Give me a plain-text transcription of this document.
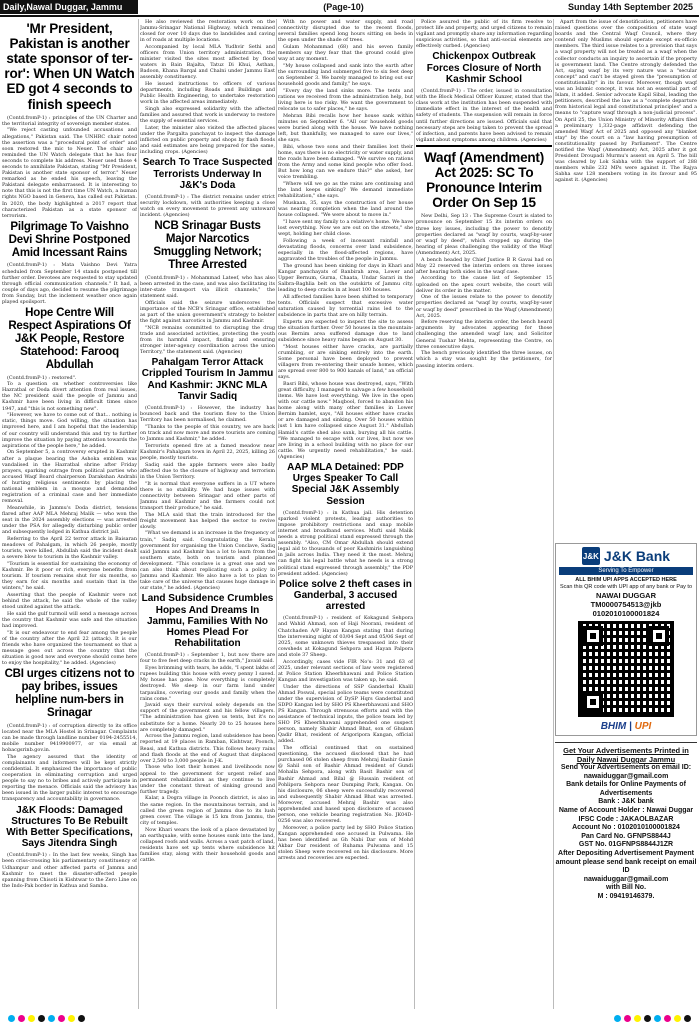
Daily,Nawal Duggar, Jammu	(Page-10)	Sunday 14th September 2025
'Mr President, Pakistan is another state sponsor of ter-ror': When UN Watch ED got 4 seconds to finish speech

(Contd.fromP-1) : principles of the UN Charter and the territorial integrity of sovereign member states.

"We reject casting unfounded accusations and allegations," Pakistan said. The UNHRC chair noted the assertion was a "procedural point of order" and soon restored the mic to Neuer. The chair also reminded the UN Watch delegate that he has four seconds to complete his address. Neuer used those 4 seconds to annihilate Pakistan, stating "Mr President, Pakistan is another state sponsor of terror." Neuer remarked as he ended his speech, leaving the Pakistani delegate embarrassed. It is interesting to note that this is not the first time UN Watch, a human rights NGO based in Geneva, has called out Pakistan. In 2020, the body highlighted a 2017 report that characterized Pakistan as a state sponsor of terrorism.

Pilgrimage To Vaishno Devi Shrine Postponed Amid Incessant Rains

(Contd.fromP-1) : Mata Vaishno Devi Yatra scheduled from September 14 stands postponed till further order. Devotees are requested to stay updated through official communication channels." It had, a couple of days ago, decided to resume the pilgrimage from Sunday, but the inclement weather once again played spoilsport.

Hope Centre Will Respect Aspirations Of J&K People, Restore Statehood: Farooq Abdullah

(Contd.fromP-1) : restored".

To a question on whether controversies like Hazratbal or Doda divert attention from real issues, the NC president said the people of Jammu and Kashmir have been living in difficult times since 1947, and "this is not something new".

"However, we have to come out of that... nothing is static, things move. God willing, the situation has improved here, and I am hopeful that the leadership of our country will understand this and try to further improve the situation by paying attention towards the aspirations of the people here," he added.

On September 5, a controversy erupted in Kashmir after a plaque bearing the Ashoka emblem was vandalised in the Hazratbal shrine after Friday prayers, sparking outrage from political parties who accused Waqf Board chairperson Darakshan Andrabi of hurting religious sentiments by placing the national emblem in a mosque and demanded registration of a criminal case and her immediate removal.

Meanwhile, in Jammu's Doda district, tensions flared after AAP MLA Mehraj Malik — who won the seat in the 2024 assembly elections — was arrested under the PSA for allegedly disturbing public order and subsequently lodged in Kathua district jail.

Referring to the April 22 terror attack in Baisaran meadows of Pahalgam, in which 26 people, mostly tourists, were killed, Abdullah said the incident dealt a severe blow to tourism in the Kashmir valley.

"Tourism is essential for sustaining the economy of Kashmir. Be it poor or rich, everyone benefits from tourism. If tourism remains shut for six months, so they earn for six months and sustain that in the winters," he said.

Asserting that the people of Kashmir were not behind the attack, he said the whole of the valley stood united against the attack.

He said the gulf turmoil will send a message across the country that Kashmir was safe and the situation had improved.

"It is our endeavour to end fear among the people of the country after the April 22 (attack). It is our friends who have organized the tournament so that a message goes out across the country that the situation is good now and everyone should come here to enjoy the hospitality," he added. (Agencies)

CBI urges citizens not to pay bribes, issues helpline num-bers in Srinagar

(Contd.fromP-1) : of corruption directly to its office located near the MLA Hostel in Srinagar. Complaints can be made through landline number 0194-2455514, mobile number 9419900977, or via email at hobacgsrinb.gov.in.

The agency assured that the identity of complainants and informers will be kept strictly confidential. It emphasized the importance of public cooperation in eliminating corruption and urged people to say no to bribes and actively participate in reporting the menace. Officials said the advisory has been issued in the larger public interest to encourage transparency and accountability in governance.

J&K Floods: Damaged Structures To Be Rebuilt With Better Specifications, Says Jitendra Singh

(Contd.fromP-1) : In the last few weeks, Singh has been criss-crossing his parliamentary constituency of Udhampur and other affected parts of Jammu and Kashmir to meet the disaster-affected people spanning from Chisoti in Kishtwar to the Zero Line on the Indo-Pak border in Kathua and Samba.

He also reviewed the restoration work on the Jammu-Srinagar National Highway, which remained closed for over 10 days due to landslides and caving in of roads at multiple locations.

Accompanied by local MLA Yudhvir Sethi and officers from Union territory administration, the minister visited the sites most affected by flood waters in Bain Bajalta, Tatuz Di Khui, Asthan, Badoon, Khana Barqal and Chalni under Jammu East assembly constituency.

He issued instructions to officers of various departments, including Roads and Buildings and Public Health Engineering, to undertake restoration work in the affected areas immediately.

Singh also expressed solidarity with the affected families and assured that work is underway to restore the supply of essential services.

Later, the minister also visited the affected places under the Pargalta panchayat to inspect the damage inflicted on public property and shops by flash floods and said estimates are being prepared for the same, including crops. (Agencies)

Search To Trace Suspected Terrorists Underway In J&K's Doda

(Contd.fromP-1) : The district remains under strict security lockdown, with authorities keeping a close watch on every movement to prevent any untoward incident. (Agencies)

NCB Srinagar Busts Major Narcotics Smuggling Network; Three Arrested

(Contd.fromP-1) : Mohammad Lateef, who has also been arrested in the case, and was also facilitating its inter-state transport via illicit channels," the statement said.

Officials said the seizure underscores the importance of the NCB's Srinagar office, established as part of the union government's strategy to bolster the fight against narcotics in Jammu and Kashmir.

"NCB remains committed to disrupting the drug trade and associated activities, protecting the youth from its harmful impact, finding and ensuring stronger inter-agency coordination across the union Territory," the statement said. (Agencies)

Pahalgam Terror Attack Crippled Tourism In Jammu And Kashmir: JKNC MLA Tanvir Sadiq

(Contd.fromP-1) : However, the industry has bounced back and the tourism flow to the Union Territory has been normalised, he claimed.

"Thanks to the people of this country, we are back on track and now more and more tourists are coming to Jammu and Kashmir," he added.

Terrorists opened fire at a famed meadow near Kashmir's Pahalgam town in April 22, 2025, killing 26 people, mostly tourists.

Sadiq said the apple farmers were also badly affected due to the closure of highway and terrorism in the Union Territory.

"It is normal that everyone suffers in a UT where there is no stability. We had huge issues with connectivity between Srinagar and other parts of Jammu and Kashmir and the farmers could not transport their produce," he said.

The MLA said that the train introduced for the freight movement has helped the sector to revive slowly.

"What we demand is an increase in the frequency of train," Sadiq said. Congratulating the Kerala government for organising the Union Conclave, Sadiq said Jammu and Kashmir has a lot to learn from the southern state, both on tourism and planned development. "This conclave is a great one and we can also think about replicating such a policy in Jammu and Kashmir. We also have a lot to plan to take care of the universe that causes huge damage in our state," he added. (Agencies)

Land Subsidence Crumbles Hopes And Dreams In Jammu, Families With No Homes Plead For Rehabilitation

(Contd.fromP-1) : September 1, but now there are four to five feet deep cracks in the earth," Javaid said.

Eyes brimming with tears, he adds, "I spent lakhs of rupees building this house with every penny I saved. My house has gone. Now everything is completely destroyed. We sleep in our farm land under tarpaulins, covering our goods and family when the rains come."

Javaid says their survival solely depends on the support of the government and his fellow villagers. "The administration has given us tents, but it's no substitute for a home. Nearly 20 to 25 houses here are completely damaged."

Across the Jammu region, land subsidence has been reported at 19 places in Ramban, Kishtwar, Poonch, Reasi, and Kathua districts. This follows heavy rains and flash floods at the end of August that displaced over 2,500 to 3,000 people in J-K.

Those who lost their homes and livelihoods now appeal to the government for urgent relief and permanent rehabilitation as they continue to live under the constant threat of sinking ground and further tragedy.

Kalar, a Dogra village in Poonch district, is also in the same region. In the mountainous terrain, and is called the green region of Jammu due to its lush green cover. The village is 15 km from Jammu, the city of temples.

Now Khari wears the look of a place devastated by an earthquake, with some houses sunk into the land, collapsed roofs and walls. Across a vast patch of land, residents have set up tents where subsidence hit families stay, along with their household goods and cattle.

With no power and water supply, and road connectivity disrupted due to the recent floods, several families spend long hours sitting on beds in the open under the shade of trees.

Gulam Mohammad (68) and his seven family members say they fear that the ground could give way at any moment.

"My house collapsed and sank into the earth after the surrounding land submerged five to six feet deep on September 3. We barely managed to bring out our household goods and family," he says.

"Every day the land sinks more. The tents and rations we received from the administration help, but living here is too risky. We want the government to relocate us to safer places," he says.

Mehran Bibi recalls how her house sank within minutes on September 6. "All our household goods were buried along with the house. We have nothing left, but thankfully, we managed to save our lives," she says.

Bibi, whose two sons and their families lost their home, says there is no electricity or water supply, and the roads have been damaged. "We survive on rations from the Army and some kind people who offer food. But how long can we endure this?" she asked, her voice trembling.

"Where will we go as the rains are continuing and the land keeps sinking? We demand immediate rehabilitation," she says.

Muskaan, 35, says the construction of her house was nearing completion when the land around the house collapsed. "We were about to move in."

"I have sent my family to a relative's home. We have lost everything. Now we are out on the streets," she wept, holding her child close.

Following a week of incessant rainfall and devastating floods, concerns over land subsidence, especially in the flood-affected regions, have aggravated the troubles of the people in Jammu.

The ground has been sinking for days in Khari and Kangar panchayats of Banbirah area, Lower and Upper Bernum, Gurna, Chaata, Undar Sarari in the Salbra-Baghlia belt on the outskirts of Jammu city, leading to deep cracks in at least 100 houses.

All affected families have been shifted to temporary tents. Officials suspect that excessive water saturation caused by torrential rains led to the subsidence in parts that are on hilly terrain.

Experts are expected to inspect the site to assess the situation further. Over 50 houses in the mountain-ous Bernim area suffered damage due to land subsidence since heavy rains began on August 30.

"Most houses either have cracks, are partially crumbling, or are sinking entirely into the earth. Some personal have been deployed to prevent villagers from re-entering their unsafe homes, which are spread over 800 to 900 kanals of land," an official says.

Basri Bibi, whose house was destroyed, says, "With great difficulty, I managed to salvage a few household items. We have lost everything. We live in the open with our cattle now." Maqbool, forced to abandon his home along with many other families in Lower Bernim hamlet, says, "All houses either have cracks or are damaged and sinking. Over 50 houses within just 1 km have collapsed since August 31." Abdullah Hamid's cattle shed also sank, burying all his cattle. "We managed to escape with our lives, but now we are living in a school building with no place for our cattle. We urgently need rehabilitation," he said. (Agencies)

AAP MLA Detained: PDP Urges Speaker To Call Special J&K Assembly Session

(Contd.fromP-1) : in Kathua jail. His detention sparked violent protests, leading authorities to impose prohibitory restrictions and snap mobile internet and broadband services. Mufti said Malik needs a strong political stand expressed through the assembly. "Also, CM Omar Abdullah should extend legal aid to thousands of poor Kashmiris languishing in jails across India. They need it the most. Mehraj can fight his legal battle what he needs is a strong political stand expressed through assembly," the PDP president added. (Agencies)

Police solve 2 theft cases in Ganderbal, 3 accused arrested

(Contd.fromP-1) : resident of Kokagund Sehpora and Wahid Ahmad, son of Haji Noorani, resident of Chatchaden A/P Hayan Kangan stating that during the intervening night of 03/04 Sept and 05/06 Sept of 2025, some unknown thieves trespassed into their cowsheds at Kokagund Sehpora and Hayan Palpora and stole 37 Sheep.

Accordingly, cases vide FIR No's: 31 and 63 of 2025, under relevant sections of law were registered at Police Station Kheerbhawani and Police Station Kangan and investigation was taken up, he said.

Under the directions of SSP Ganderbal Khalil Ahmad Poswal, special police teams were constituted under the supervision of DySP Hqrs Ganderbal and SDPO Kangan led by SHO PS Kheerbhawani and SHO PS Kangan. Through strenuous efforts and with the assistance of technical inputs, the police team led by SHO PS Kheerbhawani apprehended one suspect person, namely Shabir Ahmad Bhat, son of Ghulam Qadir Bhat, resident of Arigoripora Kangan, official added.

The official continued that on sustained questioning, the accused disclosed that he had purchased 06 stolen sheep from Mehraj Bashir Ganie @ Sahil son of Bashir Ahmad resident of Gundi Mohalla Sehpora, along with Basit Bashir son of Bashir Ahmad and Bilal @ Hussain resident of Pohlipora Sehpora near Dumping Park, Kangan. On his disclosure, 06 sheep were successfully recovered and subsequently Shabir Ahmad Bhat was arrested. Moreover, accused Mehraj Bashir was also apprehended and based upon disclosure of accused person, one vehicle bearing registration No. JK04D-0256 was also recovered.

Moreover, a police party led by SHO Police Station Kangan apprehended one accused in Pulwama. He has been identified as Gh Nabi Dar son of Mohd Akbar Dar resident of Ruhama Pulwama and 15 stolen Sheep were recovered on his disclosure. More arrests and recoveries are expected.

Police assured the public of its firm resolve to protect life and property, and urged citizens to remain vigilant and promptly share any information regarding suspicious activities, so that anti-social elements are effectively curbed. (Agencies)

Chickenpox Outbreak Forces Closure of North Kashmir School

(Contd.fromP-1) : The order, issued in consultation with the Block Medical Officer Kunzer, stated that the class work at the institution has been suspended with immediate effect in the interest of the health and safety of students. The suspension will remain in force until further directions are issued. Officials said that necessary steps are being taken to prevent the spread of infection, and parents have been advised to remain vigilant about symptoms among children. (Agencies)

Waqf (Amendment) Act 2025: SC To Pronounce Interim Order On Sep 15

New Delhi, Sep 13 : The Supreme Court is slated to pronounce on September 15 its interim orders on three key issues, including the power to denotify properties declared as "waqf by courts, waqf-by-user or waqf by deed", which cropped up during the hearing of pleas challenging the validity of the Waqf (Amendment) Act, 2025.

A bench headed by Chief Justice B R Gavai had on May 22 reserved the interim orders on three issues after hearing both sides in the waqf case.

According to the cause list of September 15 uploaded on the apex court website, the court will deliver its order in the matter.

One of the issues relate to the power to denotify properties declared as "waqf by courts, waqf-by-user or waqf by deed" prescribed in the Waqf (Amendment) Act, 2025.

Before reserving the interim order, the bench heard arguments by advocates appearing for those challenging the amended waqf law, and Solicitor General Tushar Mehta, representing the Centre, on three consecutive days.

The bench previously identified the three issues, on which a stay was sought by the petitioners, for passing interim orders.

Apart from the issue of denotification, petitioners have raised questions over the composition of state waqf boards and the Central Waqf Council, where they contend only Muslims should operate except ex-officio members. The third issue relates to a provision that says a waqf property will not be treated as a waqf when the collector conducts an inquiry to ascertain if the property is government land. The Centre strongly defended the Act, saying waqf by its very nature was a "secular concept" and can't be stayed given the "presumption of constitutionality" in its favour. Moreover, though waqf was an Islamic concept, it was not an essential part of Islam, it added. Senior advocate Kapil Sibal, leading the petitioners, described the law as a "complete departure from historical legal and constitutional principles" and a means to "capture waqf through a non-judicial process". On April 25, the Union Ministry of Minority Affairs filed a preliminary 1,332-page affidavit defending the amended Waqf Act of 2025 and opposed any "blanket stay" by the court on a "law having presumption of constitutionality passed by Parliament". The Centre notified the Waqf (Amendment) Act, 2025 after it got President Droupadi Murmu's assent on April 5. The bill was cleared by Lok Sabha with the support of 288 members while 232 MPs were against it. The Rajya Sabha saw 128 members voting in its favour and 95 against it. (Agencies)

J&K J&K Bank
Serving To Empower
ALL BHIM UPI APPS ACCEPTED HERE
Scan this QR code with UPI app of any bank or Pay to
NAWAI DUGGAR
TM0000754513@jkb
0102010100001824
BHIM | UPI
Get Your Advertisements Printed in Daily Nawai Duggar Jammu
Send Your Advertisements on email ID:
nawaiduggar@gmail.com
Bank details for Online Payments of Advertisements
Bank : J&K bank
Name of Account Holder : Nawai Duggar
IFSC Code : JAKAOLBAZAR
Account No : 0102010100001824
Pan Card No. GFNPS8844J
GST No. 01GFNPS8844J1ZR
After Depositing Advertisement Payment amount please send bank receipt on email ID
nawaiduggar@gmail.com
with Bill No.
M : 09419146379.
